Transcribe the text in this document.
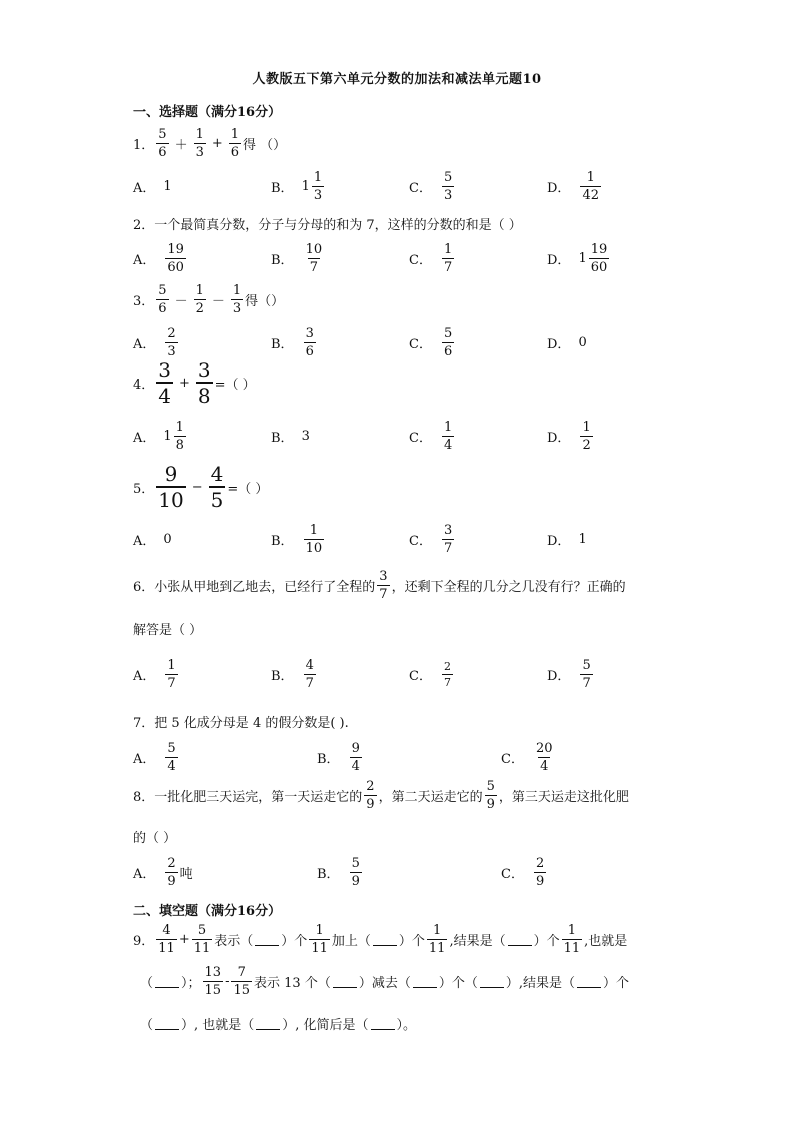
人教版五下第六单元分数的加法和减法单元题10
一、选择题（满分16分）
1． $\frac{5}{6} + \frac{1}{3} + \frac{1}{6}$ 得 （）
A． 1	B． $1 \frac{1}{3}$	C． $\frac{5}{3}$	D． $\frac{1}{42}$
2．一个最简真分数，分子与分母的和为 7，这样的分数的和是（ ）
A． $\frac{19}{60}$	B． $\frac{10}{7}$	C． $\frac{1}{7}$	D． $1 \frac{19}{60}$
3． $\frac{5}{6} - \frac{1}{2} - \frac{1}{3}$ 得（）
A． $\frac{2}{3}$	B． $\frac{3}{6}$	C． $\frac{5}{6}$	D． 0
4． $\frac{3}{4} + \frac{3}{8}$ =（ ）
A． $1 \frac{1}{8}$	B． 3	C． $\frac{1}{4}$	D． $\frac{1}{2}$
5． $\frac{9}{10} - \frac{4}{5}$ =（ ）
A． 0	B． $\frac{1}{10}$	C． $\frac{3}{7}$	D． 1
6．小张从甲地到乙地去，已经行了全程的 $\frac{3}{7}$ ，还剩下全程的几分之几没有行？正确的
解答是（ ）
A． $\frac{1}{7}$	B． $\frac{4}{7}$	C． $\frac{2}{7}$	D． $\frac{5}{7}$
7．把 5 化成分母是 4 的假分数是( ).
A． $\frac{5}{4}$	B． $\frac{9}{4}$	C． $\frac{20}{4}$
8．一批化肥三天运完，第一天运走它的 $\frac{2}{9}$ ，第二天运走它的 $\frac{5}{9}$ ，第三天运走这批化肥
的（ ）
A． $\frac{2}{9}$ 吨	B． $\frac{5}{9}$	C． $\frac{2}{9}$
二、填空题（满分16分）
9． $\frac{4}{11} + \frac{5}{11}$ 表示（ ）个 $\frac{1}{11}$ 加上（ ）个 $\frac{1}{11}$ ,结果是（ ）个 $\frac{1}{11}$ ,也就是
（ ）； $\frac{13}{15} - \frac{7}{15}$ 表示 13 个（ ）减去（ ）个（ ）,结果是（ ）个
（ ）, 也就是（ ）, 化简后是（ ）。
